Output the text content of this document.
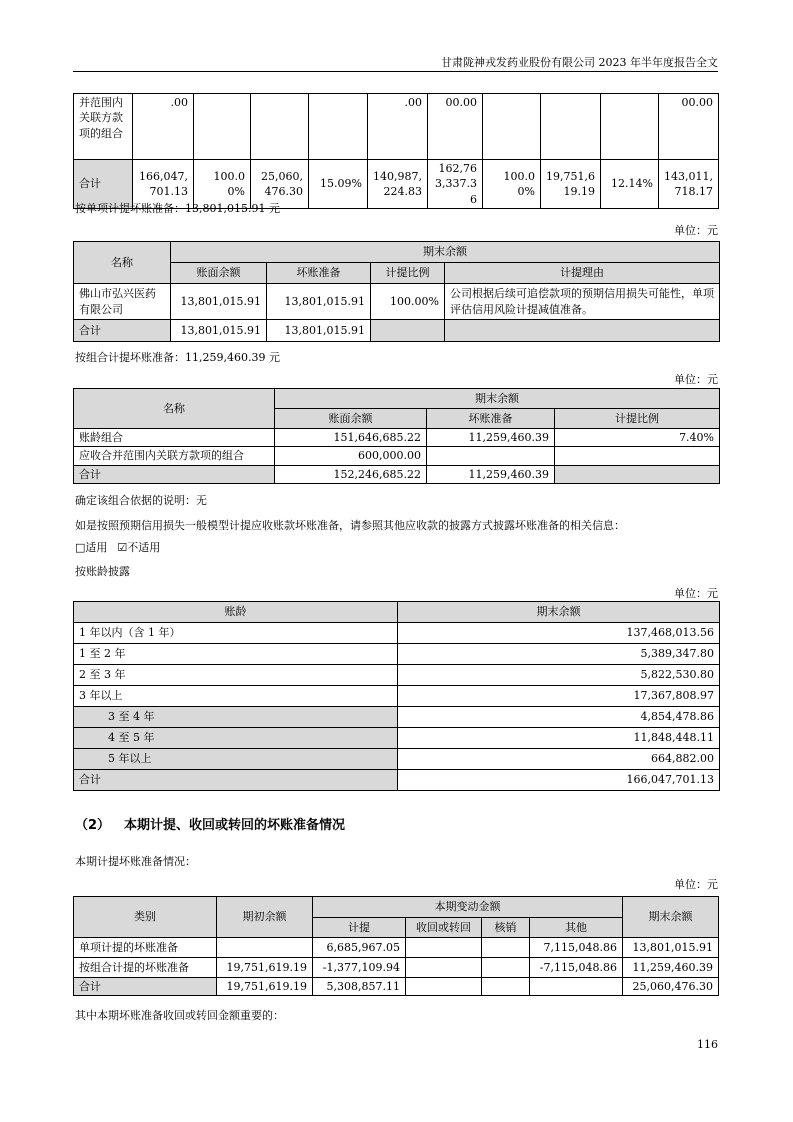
甘肃陇神戎发药业股份有限公司 2023 年半年度报告全文
并范围内关联方款项的组合	.00				.00	00.00				00.00
合计	166,047,701.13	100.00%	25,060,476.30	15.09%	140,987,224.83	162,763,337.36	100.00%	19,751,619.19	12.14%	143,011,718.17
按单项计提坏账准备：13,801,015.91 元
单位：元
名称	期末余额			
	账面余额	坏账准备	计提比例	计提理由
佛山市弘兴医药有限公司	13,801,015.91	13,801,015.91	100.00%	公司根据后续可追偿款项的预期信用损失可能性，单项评估信用风险计提减值准备。
合计	13,801,015.91	13,801,015.91		
按组合计提坏账准备：11,259,460.39 元
单位：元
名称	期末余额		
	账面余额	坏账准备	计提比例
账龄组合	151,646,685.22	11,259,460.39	7.40%
应收合并范围内关联方款项的组合	600,000.00		
合计	152,246,685.22	11,259,460.39	
确定该组合依据的说明：无
如是按照预期信用损失一般模型计提应收账款坏账准备，请参照其他应收款的披露方式披露坏账准备的相关信息：
□适用 ☑不适用
按账龄披露
单位：元
账龄	期末余额
1 年以内（含 1 年）	137,468,013.56
1 至 2 年	5,389,347.80
2 至 3 年	5,822,530.80
3 年以上	17,367,808.97
3 至 4 年	4,854,478.86
4 至 5 年	11,848,448.11
5 年以上	664,882.00
合计	166,047,701.13
（2） 本期计提、收回或转回的坏账准备情况
本期计提坏账准备情况：
单位：元
类别	期初余额	本期变动金额				期末余额
		计提	收回或转回	核销	其他	
单项计提的坏账准备		6,685,967.05			7,115,048.86	13,801,015.91
按组合计提的坏账准备	19,751,619.19	-1,377,109.94			-7,115,048.86	11,259,460.39
合计	19,751,619.19	5,308,857.11				25,060,476.30
其中本期坏账准备收回或转回金额重要的：
116
